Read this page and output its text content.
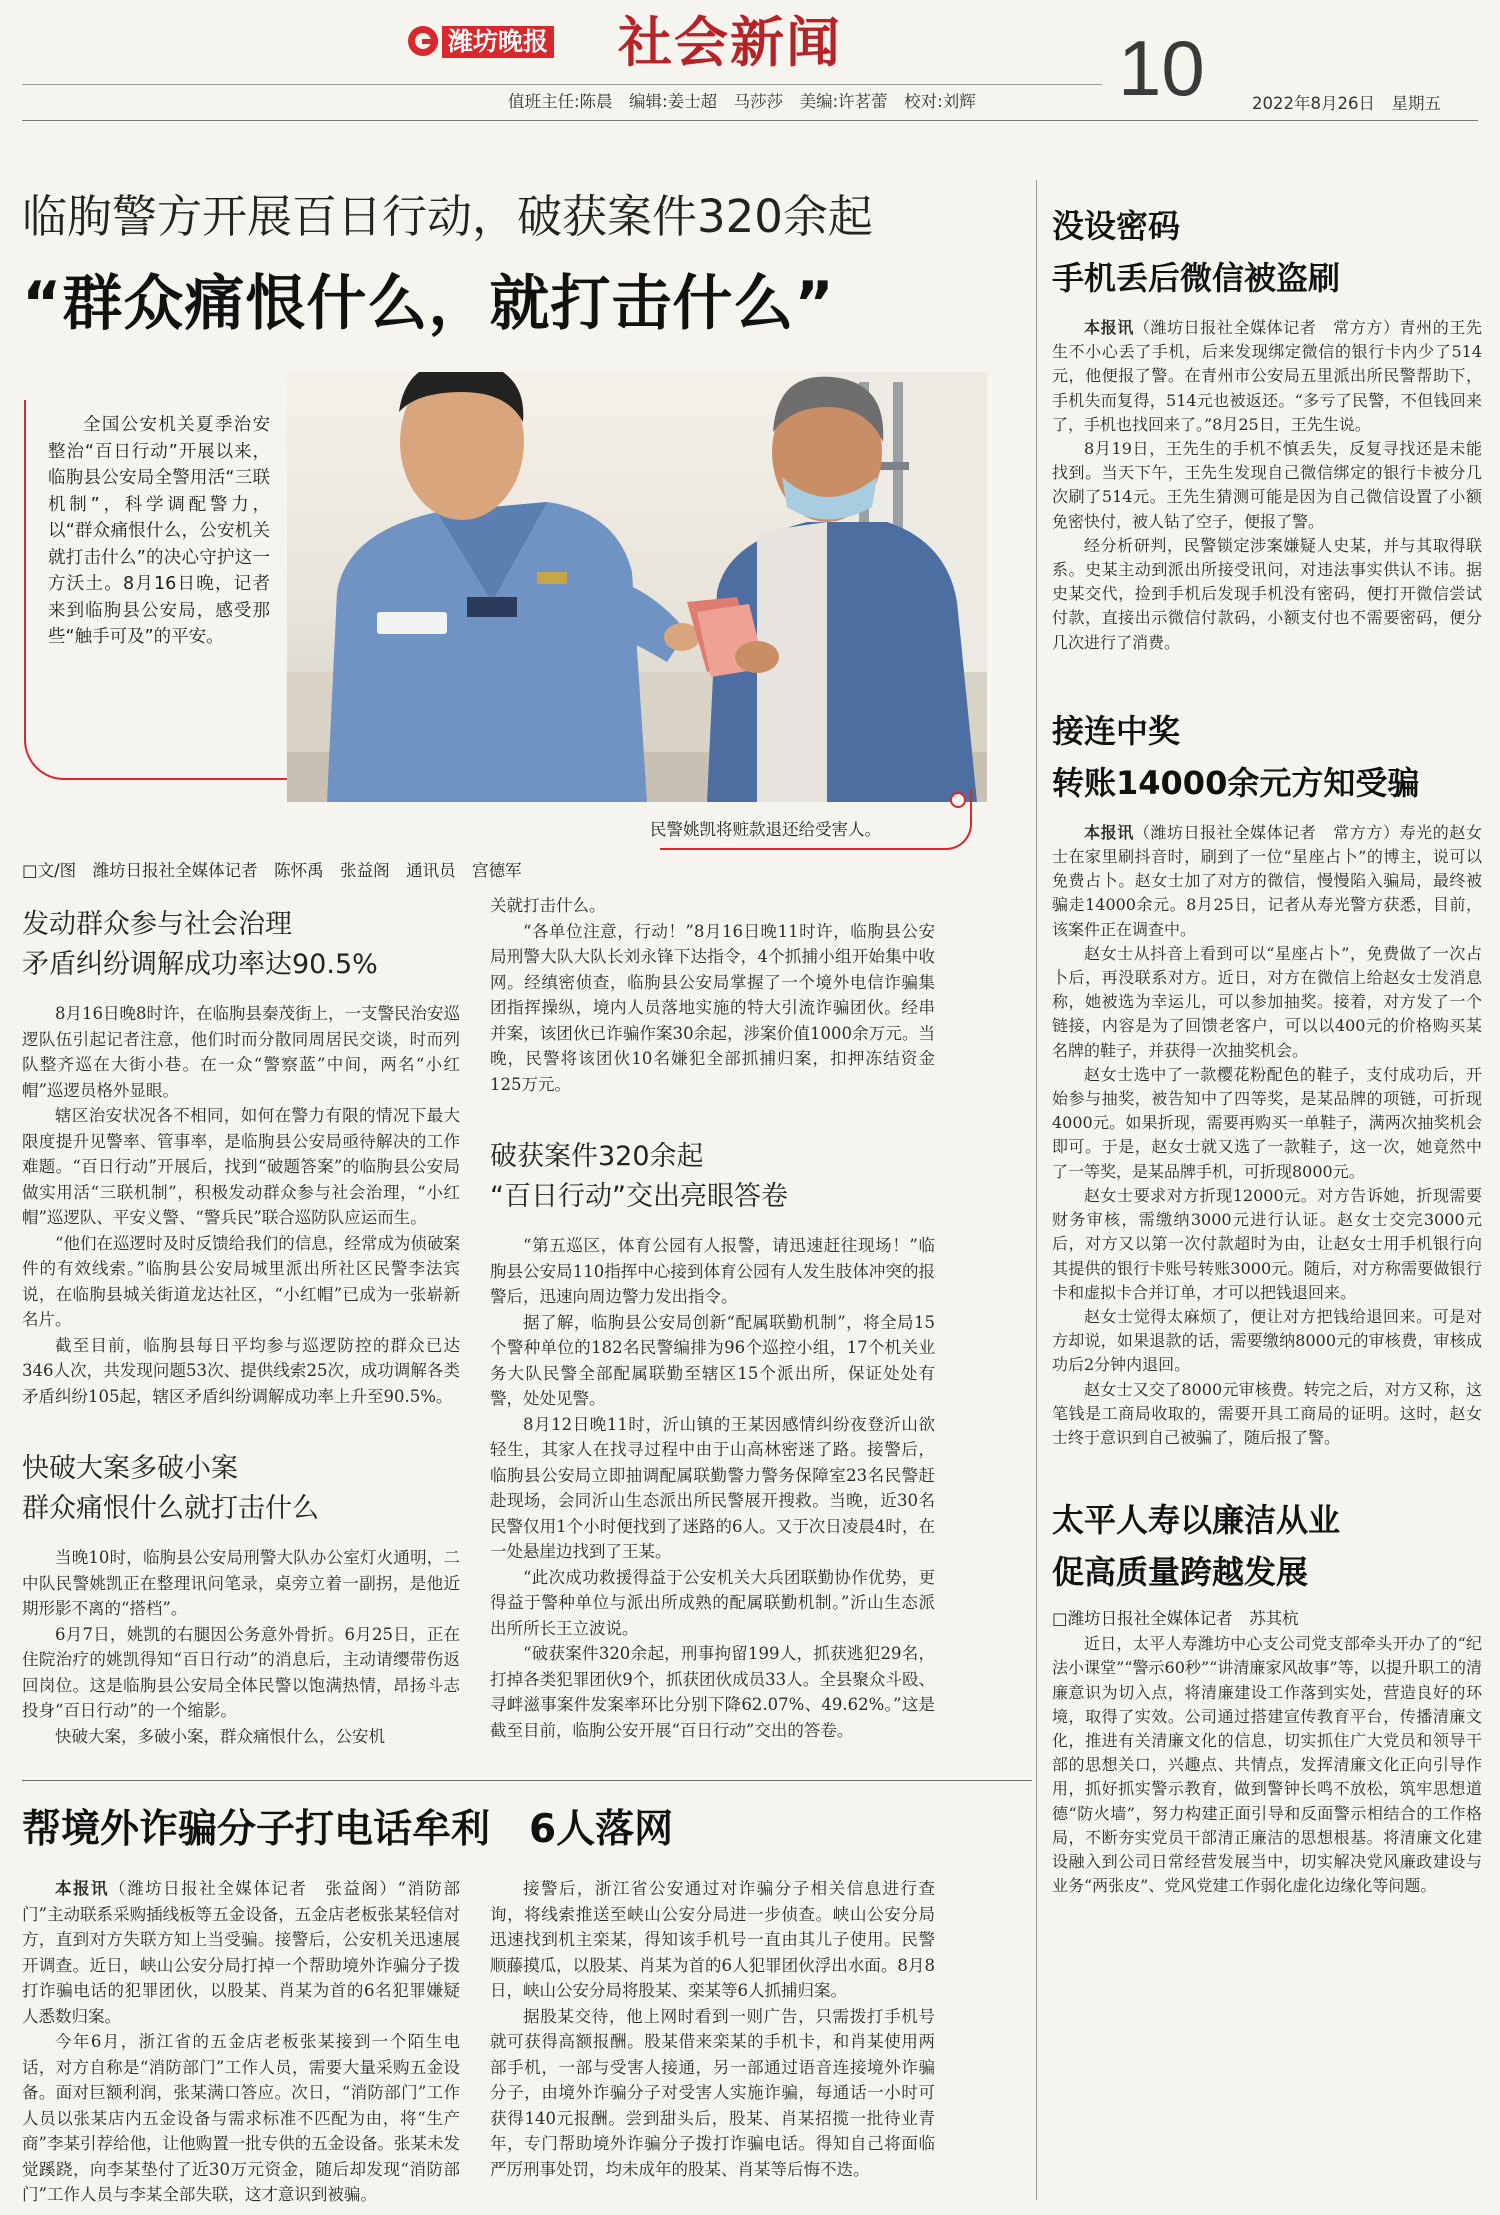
潍坊晚报 社会新闻
值班主任:陈晨　编辑:姜士超　马莎莎　美编:许茗蕾　校对:刘辉 10	2022年8月26日　星期五
临朐警方开展百日行动，破获案件320余起
“群众痛恨什么，就打击什么”

全国公安机关夏季治安整治“百日行动”开展以来，临朐县公安局全警用活“三联机制”，科学调配警力，以“群众痛恨什么，公安机关就打击什么”的决心守护这一方沃土。8月16日晚，记者来到临朐县公安局，感受那些“触手可及”的平安。

民警姚凯将赃款退还给受害人。
□文/图　潍坊日报社全媒体记者　陈怀禹　张益阁　通讯员　宫德军
发动群众参与社会治理
矛盾纠纷调解成功率达90.5%

8月16日晚8时许，在临朐县秦茂街上，一支警民治安巡逻队伍引起记者注意，他们时而分散同周居民交谈，时而列队整齐巡在大街小巷。在一众“警察蓝”中间，两名“小红帽”巡逻员格外显眼。

辖区治安状况各不相同，如何在警力有限的情况下最大限度提升见警率、管事率，是临朐县公安局亟待解决的工作难题。“百日行动”开展后，找到“破题答案”的临朐县公安局做实用活“三联机制”，积极发动群众参与社会治理，“小红帽”巡逻队、平安义警、“警兵民”联合巡防队应运而生。

“他们在巡逻时及时反馈给我们的信息，经常成为侦破案件的有效线索。”临朐县公安局城里派出所社区民警李法宾说，在临朐县城关街道龙达社区，“小红帽”已成为一张崭新名片。

截至目前，临朐县每日平均参与巡逻防控的群众已达346人次，共发现问题53次、提供线索25次，成功调解各类矛盾纠纷105起，辖区矛盾纠纷调解成功率上升至90.5%。

快破大案多破小案
群众痛恨什么就打击什么

当晚10时，临朐县公安局刑警大队办公室灯火通明，二中队民警姚凯正在整理讯问笔录，桌旁立着一副拐，是他近期形影不离的“搭档”。

6月7日，姚凯的右腿因公务意外骨折。6月25日，正在住院治疗的姚凯得知“百日行动”的消息后，主动请缨带伤返回岗位。这是临朐县公安局全体民警以饱满热情，昂扬斗志投身“百日行动”的一个缩影。

快破大案，多破小案，群众痛恨什么，公安机

关就打击什么。

“各单位注意，行动！”8月16日晚11时许，临朐县公安局刑警大队大队长刘永锋下达指令，4个抓捕小组开始集中收网。经缜密侦查，临朐县公安局掌握了一个境外电信诈骗集团指挥操纵，境内人员落地实施的特大引流诈骗团伙。经串并案，该团伙已诈骗作案30余起，涉案价值1000余万元。当晚，民警将该团伙10名嫌犯全部抓捕归案，扣押冻结资金125万元。

破获案件320余起
“百日行动”交出亮眼答卷

“第五巡区，体育公园有人报警，请迅速赶往现场！”临朐县公安局110指挥中心接到体育公园有人发生肢体冲突的报警后，迅速向周边警力发出指令。

据了解，临朐县公安局创新“配属联勤机制”，将全局15个警种单位的182名民警编排为96个巡控小组，17个机关业务大队民警全部配属联勤至辖区15个派出所，保证处处有警，处处见警。

8月12日晚11时，沂山镇的王某因感情纠纷夜登沂山欲轻生，其家人在找寻过程中由于山高林密迷了路。接警后，临朐县公安局立即抽调配属联勤警力警务保障室23名民警赶赴现场，会同沂山生态派出所民警展开搜救。当晚，近30名民警仅用1个小时便找到了迷路的6人。又于次日凌晨4时，在一处悬崖边找到了王某。

“此次成功救援得益于公安机关大兵团联勤协作优势，更得益于警种单位与派出所成熟的配属联勤机制。”沂山生态派出所所长王立波说。

“破获案件320余起，刑事拘留199人，抓获逃犯29名，打掉各类犯罪团伙9个，抓获团伙成员33人。全县聚众斗殴、寻衅滋事案件发案率环比分别下降62.07%、49.62%。”这是截至目前，临朐公安开展“百日行动”交出的答卷。

帮境外诈骗分子打电话牟利　6人落网

本报讯（潍坊日报社全媒体记者　张益阁）“消防部门”主动联系采购插线板等五金设备，五金店老板张某轻信对方，直到对方失联方知上当受骗。接警后，公安机关迅速展开调查。近日，峡山公安分局打掉一个帮助境外诈骗分子拨打诈骗电话的犯罪团伙，以股某、肖某为首的6名犯罪嫌疑人悉数归案。

今年6月，浙江省的五金店老板张某接到一个陌生电话，对方自称是“消防部门”工作人员，需要大量采购五金设备。面对巨额利润，张某满口答应。次日，“消防部门”工作人员以张某店内五金设备与需求标准不匹配为由，将“生产商”李某引荐给他，让他购置一批专供的五金设备。张某未发觉蹊跷，向李某垫付了近30万元资金，随后却发现“消防部门”工作人员与李某全部失联，这才意识到被骗。

接警后，浙江省公安通过对诈骗分子相关信息进行查询，将线索推送至峡山公安分局进一步侦查。峡山公安分局迅速找到机主栾某，得知该手机号一直由其儿子使用。民警顺藤摸瓜，以股某、肖某为首的6人犯罪团伙浮出水面。8月8日，峡山公安分局将股某、栾某等6人抓捕归案。

据股某交待，他上网时看到一则广告，只需拨打手机号就可获得高额报酬。股某借来栾某的手机卡，和肖某使用两部手机，一部与受害人接通，另一部通过语音连接境外诈骗分子，由境外诈骗分子对受害人实施诈骗，每通话一小时可获得140元报酬。尝到甜头后，股某、肖某招揽一批待业青年，专门帮助境外诈骗分子拨打诈骗电话。得知自己将面临严厉刑事处罚，均未成年的股某、肖某等后悔不迭。

没设密码
手机丢后微信被盗刷

本报讯（潍坊日报社全媒体记者　常方方）青州的王先生不小心丢了手机，后来发现绑定微信的银行卡内少了514元，他便报了警。在青州市公安局五里派出所民警帮助下，手机失而复得，514元也被返还。“多亏了民警，不但钱回来了，手机也找回来了。”8月25日，王先生说。

8月19日，王先生的手机不慎丢失，反复寻找还是未能找到。当天下午，王先生发现自己微信绑定的银行卡被分几次刷了514元。王先生猜测可能是因为自己微信设置了小额免密快付，被人钻了空子，便报了警。

经分析研判，民警锁定涉案嫌疑人史某，并与其取得联系。史某主动到派出所接受讯问，对违法事实供认不讳。据史某交代，捡到手机后发现手机没有密码，便打开微信尝试付款，直接出示微信付款码，小额支付也不需要密码，便分几次进行了消费。

接连中奖
转账14000余元方知受骗

本报讯（潍坊日报社全媒体记者　常方方）寿光的赵女士在家里刷抖音时，刷到了一位“星座占卜”的博主，说可以免费占卜。赵女士加了对方的微信，慢慢陷入骗局，最终被骗走14000余元。8月25日，记者从寿光警方获悉，目前，该案件正在调查中。

赵女士从抖音上看到可以“星座占卜”，免费做了一次占卜后，再没联系对方。近日，对方在微信上给赵女士发消息称，她被选为幸运儿，可以参加抽奖。接着，对方发了一个链接，内容是为了回馈老客户，可以以400元的价格购买某名牌的鞋子，并获得一次抽奖机会。

赵女士选中了一款樱花粉配色的鞋子，支付成功后，开始参与抽奖，被告知中了四等奖，是某品牌的项链，可折现4000元。如果折现，需要再购买一单鞋子，满两次抽奖机会即可。于是，赵女士就又选了一款鞋子，这一次，她竟然中了一等奖，是某品牌手机，可折现8000元。

赵女士要求对方折现12000元。对方告诉她，折现需要财务审核，需缴纳3000元进行认证。赵女士交完3000元后，对方又以第一次付款超时为由，让赵女士用手机银行向其提供的银行卡账号转账3000元。随后，对方称需要做银行卡和虚拟卡合并订单，才可以把钱退回来。

赵女士觉得太麻烦了，便让对方把钱给退回来。可是对方却说，如果退款的话，需要缴纳8000元的审核费，审核成功后2分钟内退回。

赵女士又交了8000元审核费。转完之后，对方又称，这笔钱是工商局收取的，需要开具工商局的证明。这时，赵女士终于意识到自己被骗了，随后报了警。

太平人寿以廉洁从业
促高质量跨越发展
□潍坊日报社全媒体记者　苏其杭

近日，太平人寿潍坊中心支公司党支部牵头开办了的“纪法小课堂”“警示60秒”“讲清廉家风故事”等，以提升职工的清廉意识为切入点，将清廉建设工作落到实处，营造良好的环境，取得了实效。公司通过搭建宣传教育平台，传播清廉文化，推进有关清廉文化的信息，切实抓住广大党员和领导干部的思想关口，兴趣点、共情点，发挥清廉文化正向引导作用，抓好抓实警示教育，做到警钟长鸣不放松，筑牢思想道德“防火墙”，努力构建正面引导和反面警示相结合的工作格局，不断夯实党员干部清正廉洁的思想根基。将清廉文化建设融入到公司日常经营发展当中，切实解决党风廉政建设与业务“两张皮”、党风党建工作弱化虚化边缘化等问题。
